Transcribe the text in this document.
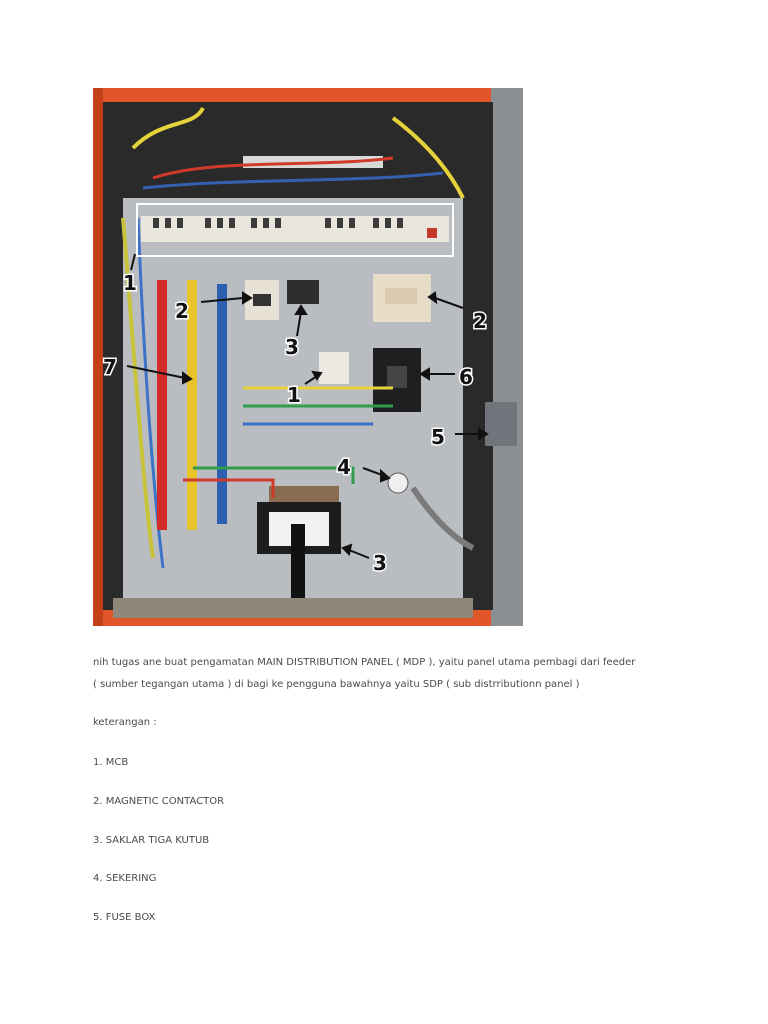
1
2	2
3
1
6
7
5
4
3
nih tugas ane buat pengamatan MAIN DISTRIBUTION PANEL ( MDP ), yaitu panel utama pembagi dari feeder
( sumber tegangan utama ) di bagi ke pengguna bawahnya yaitu SDP ( sub distrributionn panel )
keterangan :
1. MCB
2. MAGNETIC CONTACTOR
3. SAKLAR TIGA KUTUB
4. SEKERING
5. FUSE BOX
